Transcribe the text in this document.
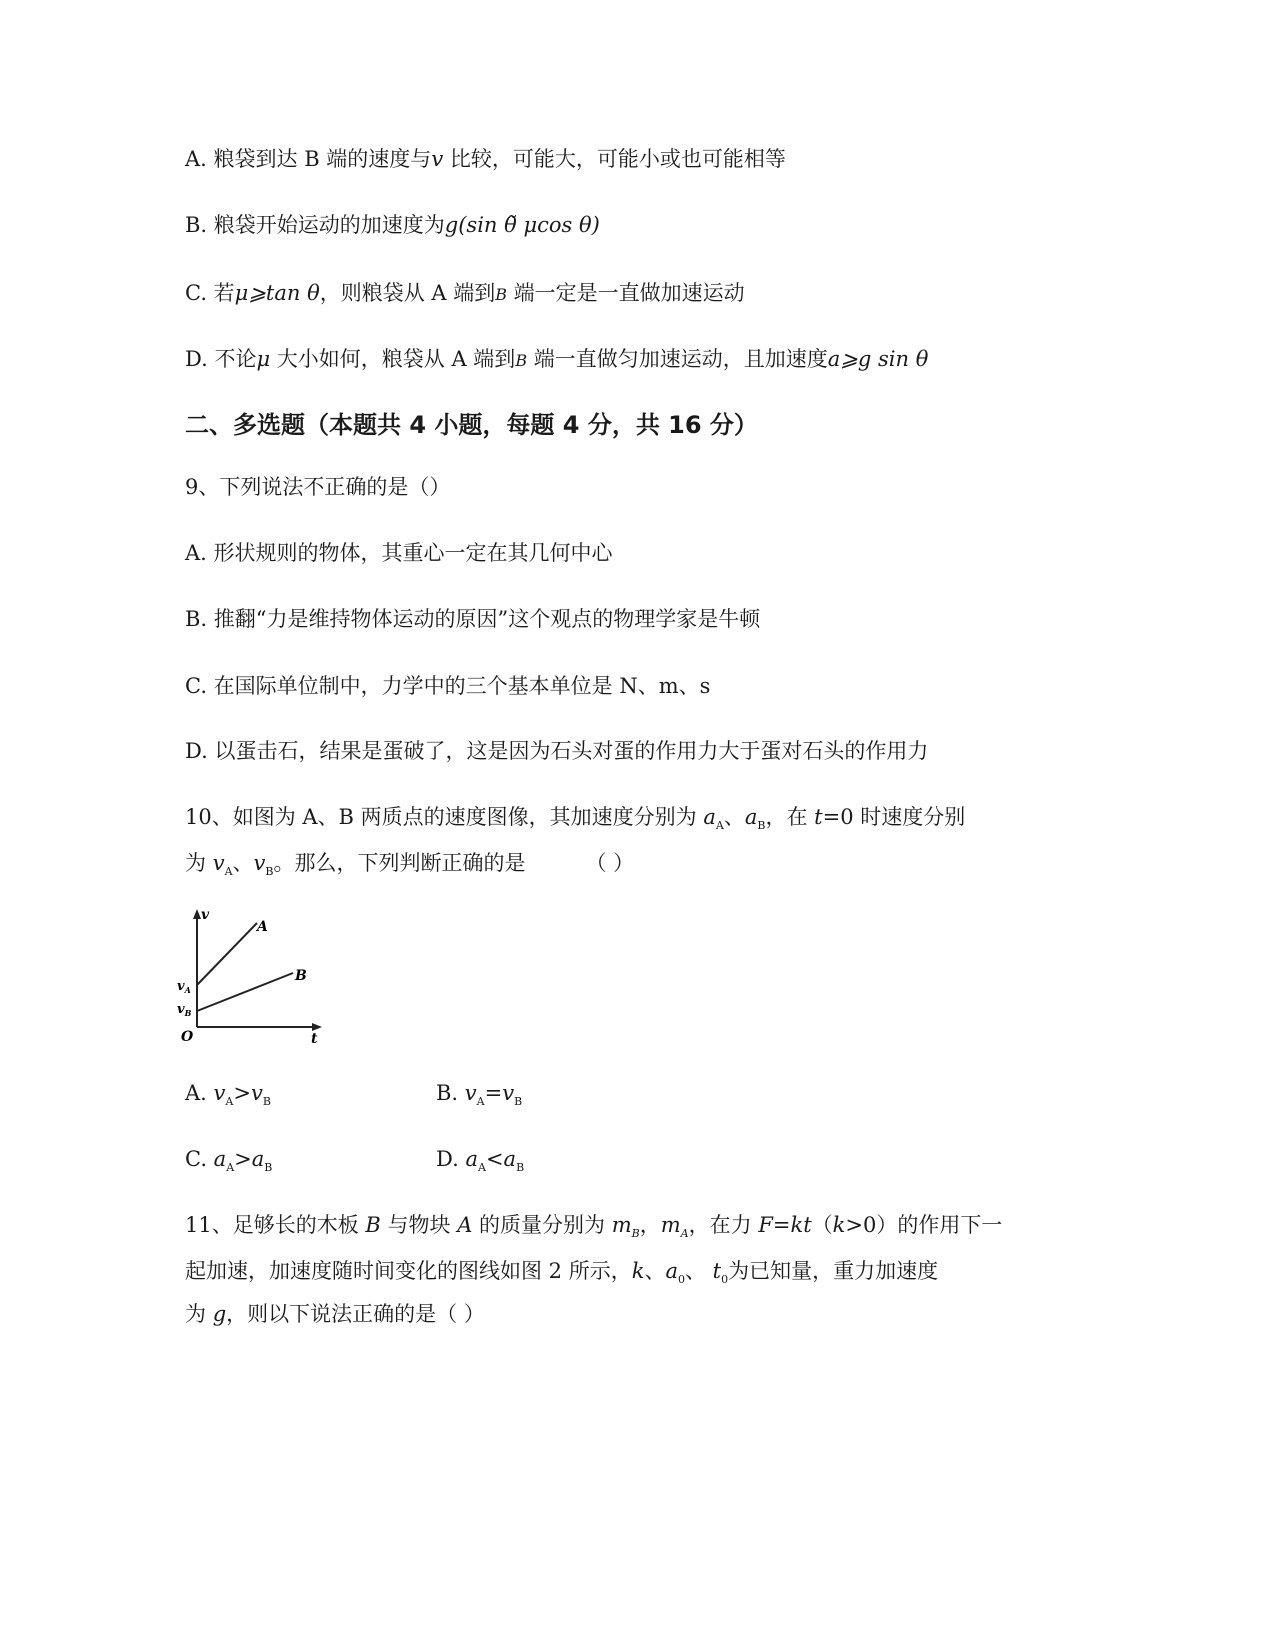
A. 粮袋到达 B 端的速度与v 比较，可能大，可能小或也可能相等
B. 粮袋开始运动的加速度为g(sin θ̃ μcos θ)
C. 若μ⩾tan θ，则粮袋从 A 端到B 端一定是一直做加速运动
D. 不论μ 大小如何，粮袋从 A 端到B 端一直做匀加速运动，且加速度a⩾g sin θ
二、多选题（本题共 4 小题，每题 4 分，共 16 分）
9、下列说法不正确的是（）
A. 形状规则的物体，其重心一定在其几何中心
B. 推翻“力是维持物体运动的原因”这个观点的物理学家是牛顿
C. 在国际单位制中，力学中的三个基本单位是 N、m、s
D. 以蛋击石，结果是蛋破了，这是因为石头对蛋的作用力大于蛋对石头的作用力
10、如图为 A、B 两质点的速度图像，其加速度分别为 $a_A$、$a_B$，在 t=0 时速度分别
为 $v_A$、$v_B$。那么，下列判断正确的是	（ ）
v
t
O
$v_A$
$v_B$
A
B
A. $v_A>v_B$	B. $v_A=v_B$
C. $a_A>a_B$	D. $a_A<a_B$
11、足够长的木板 B 与物块 A 的质量分别为 $m_B$，$m_A$，在力 F=kt（k>0）的作用下一
起加速，加速度随时间变化的图线如图 2 所示，k、$a_0$、 $t_0$为已知量，重力加速度
为 g，则以下说法正确的是（ ）
